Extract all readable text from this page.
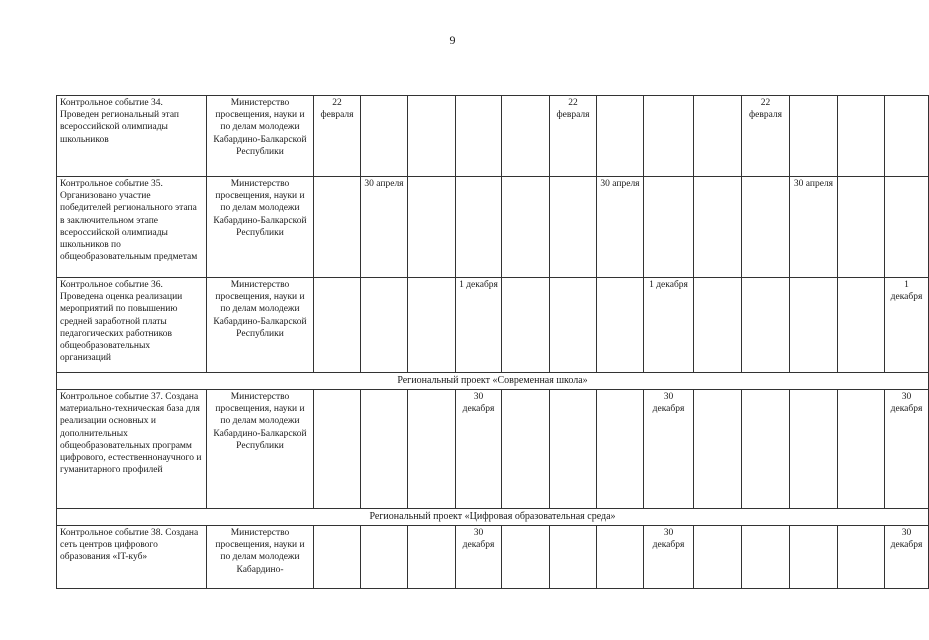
9
Контрольное событие 34. Проведен региональный этап всероссийской олимпиады школьников	Министерство просвещения, науки и по делам молодежи Кабардино-Балкарской Республики	22 февраля					22 февраля				22 февраля			
Контрольное событие 35. Организовано участие победителей регионального этапа в заключительном этапе всероссийской олимпиады школьников по общеобразовательным предметам	Министерство просвещения, науки и по делам молодежи Кабардино-Балкарской Республики		30 апреля					30 апреля				30 апреля		
Контрольное событие 36. Проведена оценка реализации мероприятий по повышению средней заработной платы педагогических работников общеобразовательных организаций	Министерство просвещения, науки и по делам молодежи Кабардино-Балкарской Республики				1 декабря				1 декабря					1 декабря
Региональный проект «Современная школа»														
Контрольное событие 37. Создана материально-техническая база для реализации основных и дополнительных общеобразовательных программ цифрового, естественнонаучного и гуманитарного профилей	Министерство просвещения, науки и по делам молодежи Кабардино-Балкарской Республики				30 декабря				30 декабря					30 декабря
Региональный проект «Цифровая образовательная среда»														
Контрольное событие 38. Создана сеть центров цифрового образования «IT-куб»	Министерство просвещения, науки и по делам молодежи Кабардино-				30 декабря				30 декабря					30 декабря
